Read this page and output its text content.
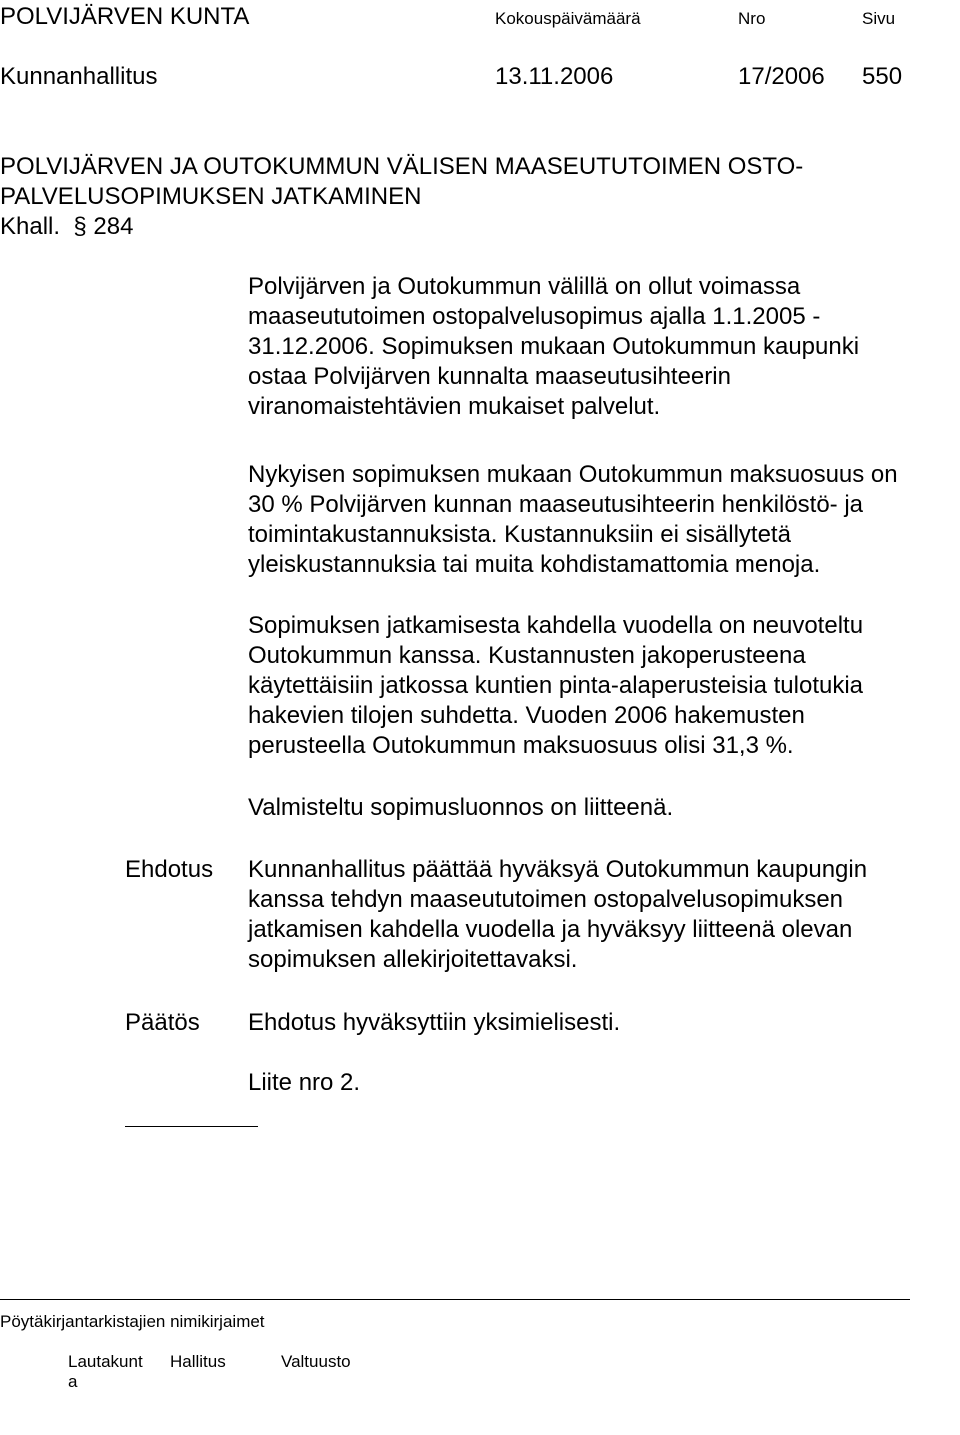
POLVIJÄRVEN KUNTA	Kokouspäivämäärä	Nro	Sivu
Kunnanhallitus	13.11.2006	17/2006 550
POLVIJÄRVEN JA OUTOKUMMUN VÄLISEN MAASEUTUTOIMEN OSTO-
PALVELUSOPIMUKSEN JATKAMINEN
Khall.  § 284
Polvijärven ja Outokummun välillä on ollut voimassa
maaseututoimen ostopalvelusopimus ajalla 1.1.2005 -
31.12.2006. Sopimuksen mukaan Outokummun kaupunki
ostaa Polvijärven kunnalta maaseutusihteerin
viranomaistehtävien mukaiset palvelut.
Nykyisen sopimuksen mukaan Outokummun maksuosuus on
30 % Polvijärven kunnan maaseutusihteerin henkilöstö- ja
toimintakustannuksista. Kustannuksiin ei sisällytetä
yleiskustannuksia tai muita kohdistamattomia menoja.
Sopimuksen jatkamisesta kahdella vuodella on neuvoteltu
Outokummun kanssa. Kustannusten jakoperusteena
käytettäisiin jatkossa kuntien pinta-alaperusteisia tulotukia
hakevien tilojen suhdetta. Vuoden 2006 hakemusten
perusteella Outokummun maksuosuus olisi 31,3 %.
Valmisteltu sopimusluonnos on liitteenä.
Ehdotus Kunnanhallitus päättää hyväksyä Outokummun kaupungin
kanssa tehdyn maaseututoimen ostopalvelusopimuksen
jatkamisen kahdella vuodella ja hyväksyy liitteenä olevan
sopimuksen allekirjoitettavaksi.
Päätös Ehdotus hyväksyttiin yksimielisesti.
Liite nro 2.
Pöytäkirjantarkistajien nimikirjaimet
Lautakunt
a
Hallitus	Valtuusto
